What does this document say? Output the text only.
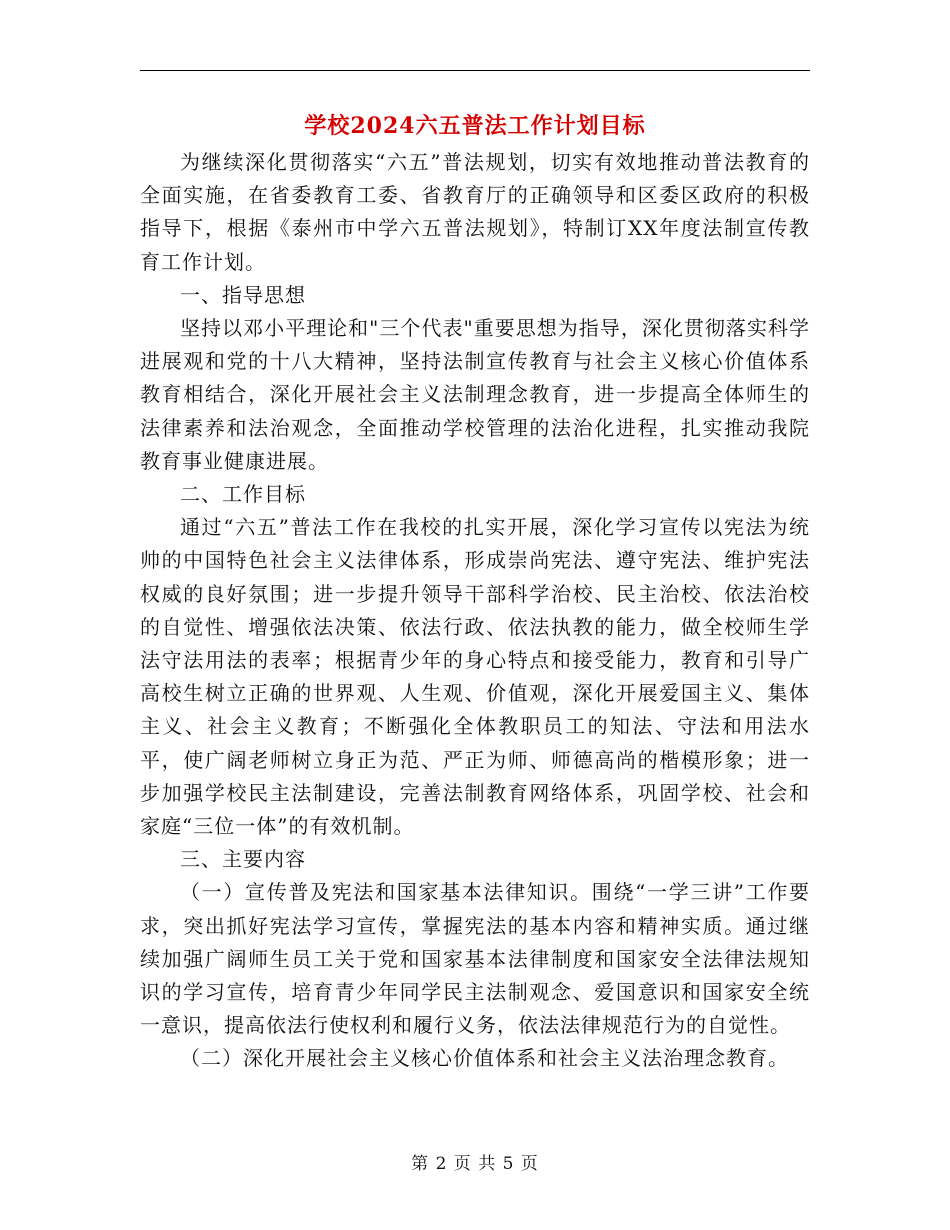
学校2024六五普法工作计划目标

为继续深化贯彻落实“六五”普法规划，切实有效地推动普法教育的全面实施，在省委教育工委、省教育厅的正确领导和区委区政府的积极指导下，根据《泰州市中学六五普法规划》，特制订XX年度法制宣传教育工作计划。

一、指导思想

坚持以邓小平理论和"三个代表"重要思想为指导，深化贯彻落实科学进展观和党的十八大精神，坚持法制宣传教育与社会主义核心价值体系教育相结合，深化开展社会主义法制理念教育，进一步提高全体师生的法律素养和法治观念，全面推动学校管理的法治化进程，扎实推动我院教育事业健康进展。

二、工作目标

通过“六五”普法工作在我校的扎实开展，深化学习宣传以宪法为统帅的中国特色社会主义法律体系，形成崇尚宪法、遵守宪法、维护宪法权威的良好氛围；进一步提升领导干部科学治校、民主治校、依法治校的自觉性、增强依法决策、依法行政、依法执教的能力，做全校师生学法守法用法的表率；根据青少年的身心特点和接受能力，教育和引导广高校生树立正确的世界观、人生观、价值观，深化开展爱国主义、集体主义、社会主义教育；不断强化全体教职员工的知法、守法和用法水平，使广阔老师树立身正为范、严正为师、师德高尚的楷模形象；进一步加强学校民主法制建设，完善法制教育网络体系，巩固学校、社会和家庭“三位一体”的有效机制。

三、主要内容

（一）宣传普及宪法和国家基本法律知识。围绕“一学三讲”工作要求，突出抓好宪法学习宣传，掌握宪法的基本内容和精神实质。通过继续加强广阔师生员工关于党和国家基本法律制度和国家安全法律法规知识的学习宣传，培育青少年同学民主法制观念、爱国意识和国家安全统一意识，提高依法行使权利和履行义务，依法法律规范行为的自觉性。

（二）深化开展社会主义核心价值体系和社会主义法治理念教育。

第 2 页 共 5 页
